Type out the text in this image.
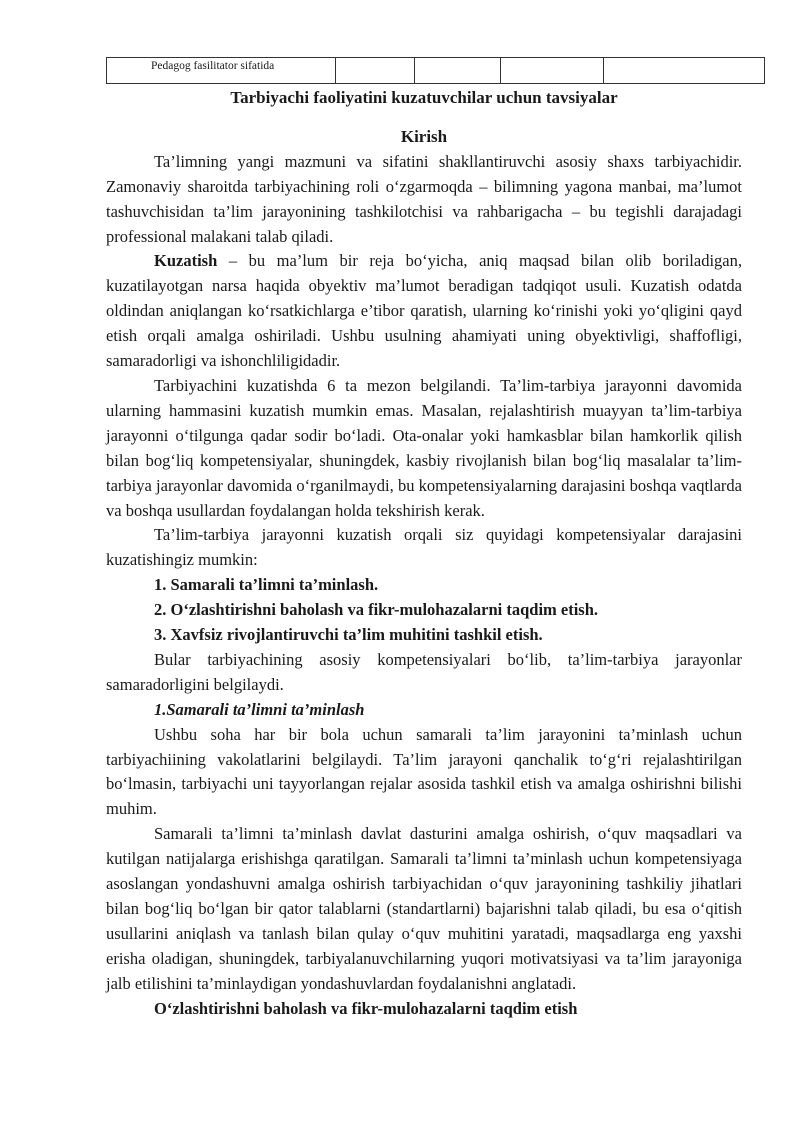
Pedagog fasilitator sifatida				

Tarbiyachi faoliyatini kuzatuvchilar uchun tavsiyalar

Kirish

Ta’limning yangi mazmuni va sifatini shakllantiruvchi asosiy shaxs tarbiyachidir. Zamonaviy sharoitda tarbiyachining roli o‘zgarmoqda – bilimning yagona manbai, ma’lumot tashuvchisidan ta’lim jarayonining tashkilotchisi va rahbarigacha – bu tegishli darajadagi professional malakani talab qiladi.

Kuzatish – bu ma’lum bir reja bo‘yicha, aniq maqsad bilan olib boriladigan, kuzatilayotgan narsa haqida obyektiv ma’lumot beradigan tadqiqot usuli. Kuzatish odatda oldindan aniqlangan ko‘rsatkichlarga e’tibor qaratish, ularning ko‘rinishi yoki yo‘qligini qayd etish orqali amalga oshiriladi. Ushbu usulning ahamiyati uning obyektivligi, shaffofligi, samaradorligi va ishonchliligidadir.

Tarbiyachini kuzatishda 6 ta mezon belgilandi. Ta’lim-tarbiya jarayonni davomida ularning hammasini kuzatish mumkin emas. Masalan, rejalashtirish muayyan ta’lim-tarbiya jarayonni o‘tilgunga qadar sodir bo‘ladi. Ota-onalar yoki hamkasblar bilan hamkorlik qilish bilan bog‘liq kompetensiyalar, shuningdek, kasbiy rivojlanish bilan bog‘liq masalalar ta’lim-tarbiya jarayonlar davomida o‘rganilmaydi, bu kompetensiyalarning darajasini boshqa vaqtlarda va boshqa usullardan foydalangan holda tekshirish kerak.

Ta’lim-tarbiya jarayonni kuzatish orqali siz quyidagi kompetensiyalar darajasini kuzatishingiz mumkin:

1. Samarali ta’limni ta’minlash.

2. O‘zlashtirishni baholash va fikr-mulohazalarni taqdim etish.

3. Xavfsiz rivojlantiruvchi ta’lim muhitini tashkil etish.

Bular tarbiyachining asosiy kompetensiyalari bo‘lib, ta’lim-tarbiya jarayonlar samaradorligini belgilaydi.

1.Samarali ta’limni ta’minlash

Ushbu soha har bir bola uchun samarali ta’lim jarayonini ta’minlash uchun tarbiyachiining vakolatlarini belgilaydi. Ta’lim jarayoni qanchalik to‘g‘ri rejalashtirilgan bo‘lmasin, tarbiyachi uni tayyorlangan rejalar asosida tashkil etish va amalga oshirishni bilishi muhim.

Samarali ta’limni ta’minlash davlat dasturini amalga oshirish, o‘quv maqsadlari va kutilgan natijalarga erishishga qaratilgan. Samarali ta’limni ta’minlash uchun kompetensiyaga asoslangan yondashuvni amalga oshirish tarbiyachidan o‘quv jarayonining tashkiliy jihatlari bilan bog‘liq bo‘lgan bir qator talablarni (standartlarni) bajarishni talab qiladi, bu esa o‘qitish usullarini aniqlash va tanlash bilan qulay o‘quv muhitini yaratadi, maqsadlarga eng yaxshi erisha oladigan, shuningdek, tarbiyalanuvchilarning yuqori motivatsiyasi va ta’lim jarayoniga jalb etilishini ta’minlaydigan yondashuvlardan foydalanishni anglatadi.

O‘zlashtirishni baholash va fikr-mulohazalarni taqdim etish
